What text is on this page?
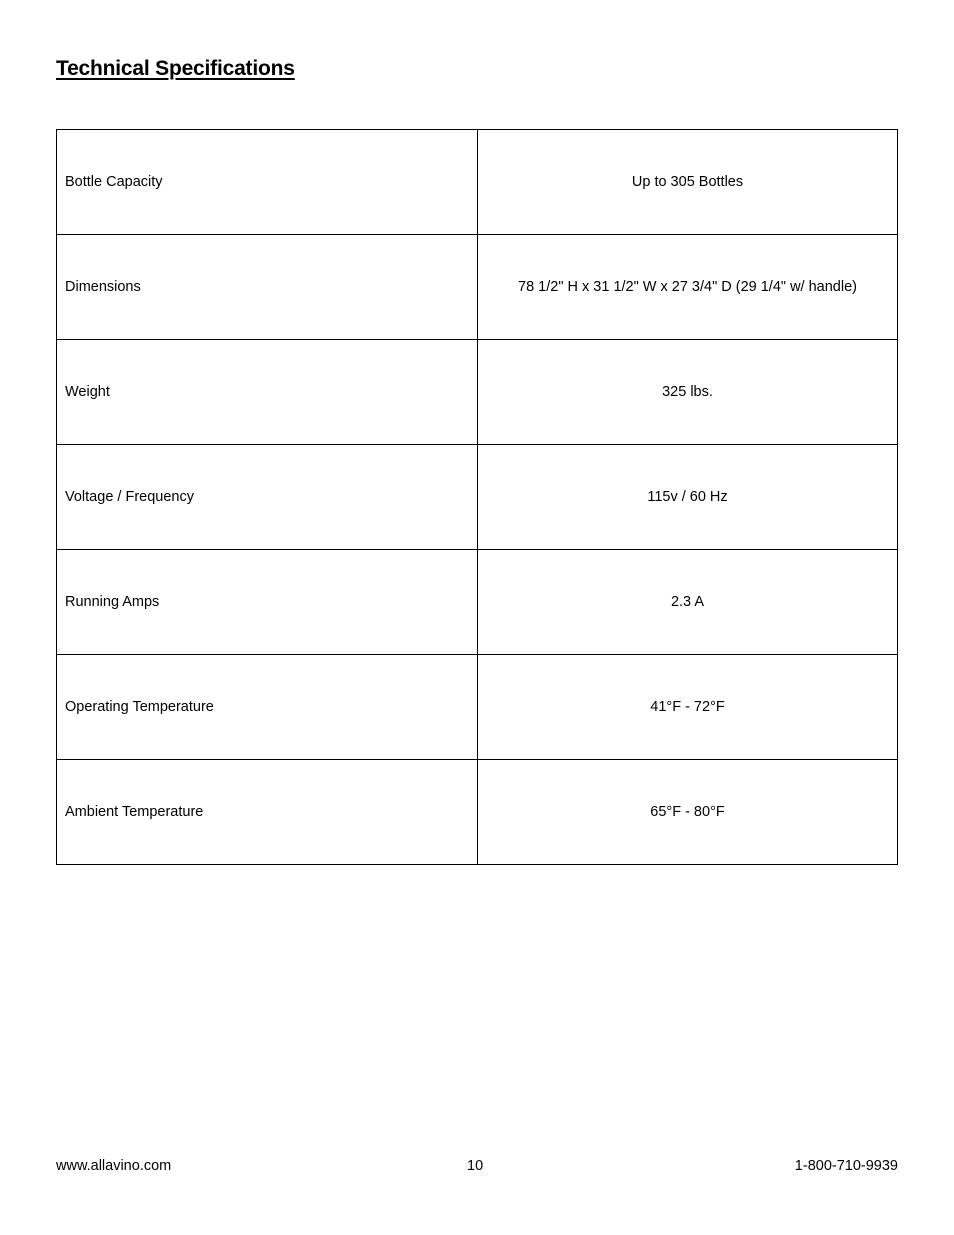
Technical Specifications
Bottle Capacity	Up to 305 Bottles
Dimensions	78 1/2" H x 31 1/2" W x 27 3/4" D (29 1/4" w/ handle)
Weight	325 lbs.
Voltage / Frequency	115v / 60 Hz
Running Amps	2.3 A
Operating Temperature	41°F - 72°F
Ambient Temperature	65°F - 80°F

www.allavino.com	10	1-800-710-9939
